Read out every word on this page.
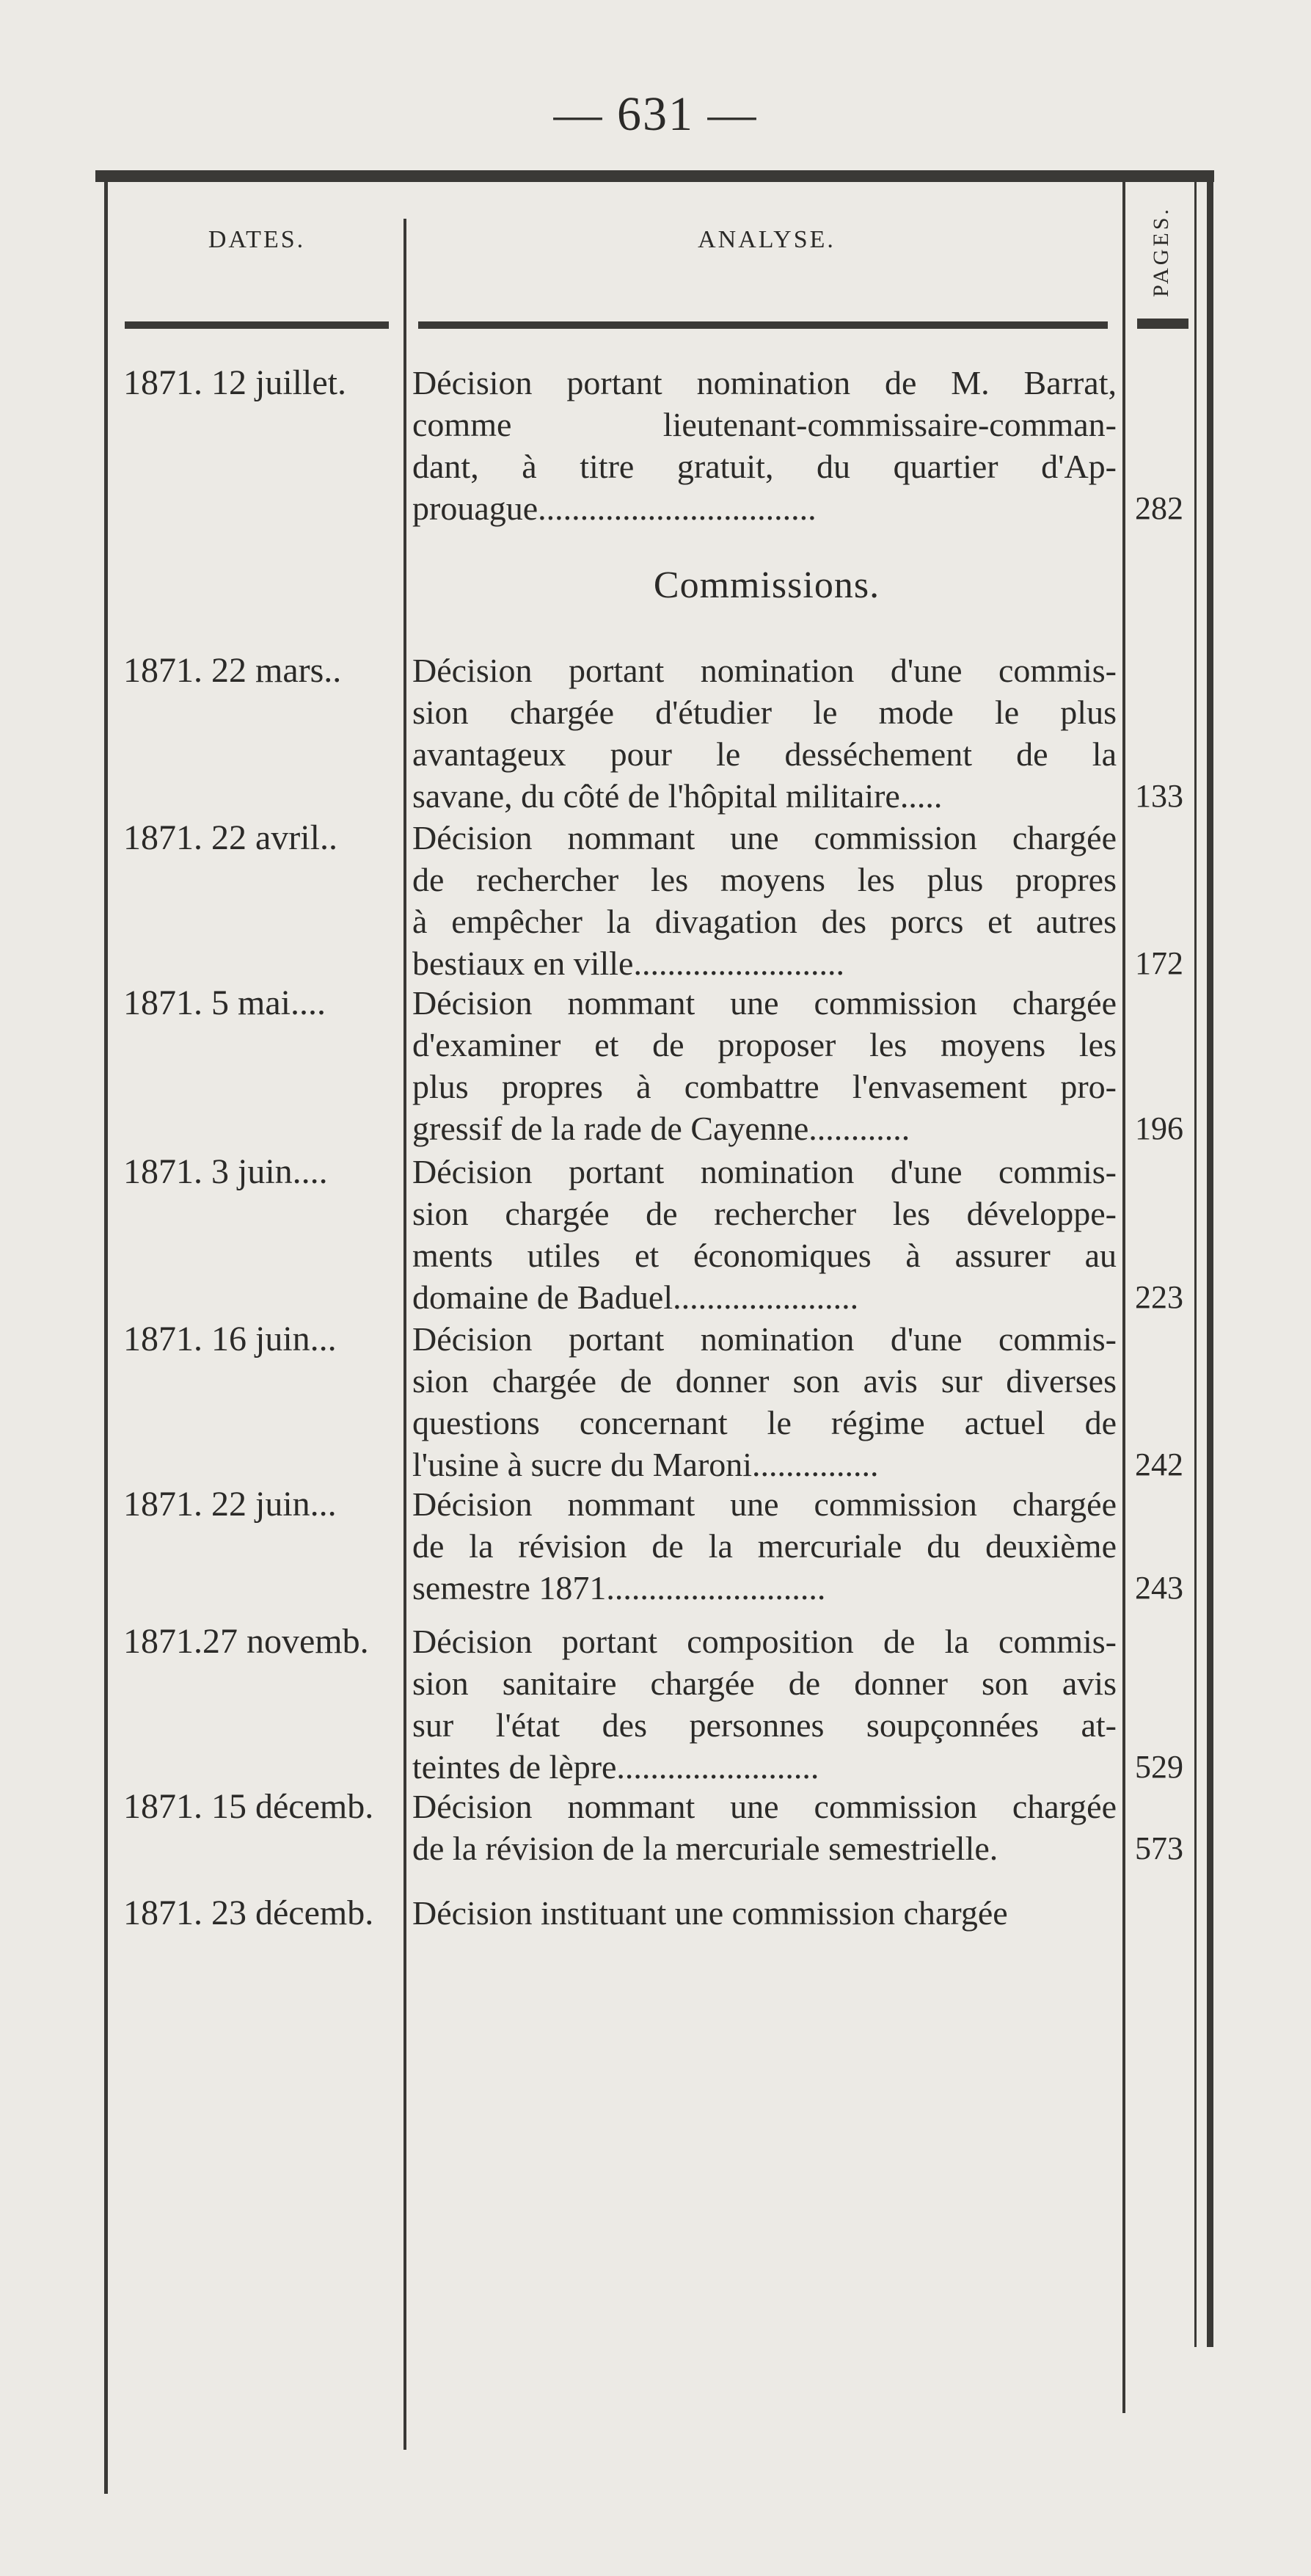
— 631 —
DATES.	ANALYSE.	PAGES.
Commissions.
1871. 12 juillet.	Décision portant nomination de M. Barrat,
comme lieutenant-commissaire-comman-
dant, à titre gratuit, du quartier d'Ap-
prouague.................................	282
1871. 22 mars..	Décision portant nomination d'une commis-
sion chargée d'étudier le mode le plus
avantageux pour le desséchement de la
savane, du côté de l'hôpital militaire.....	133
1871. 22 avril..	Décision nommant une commission chargée
de rechercher les moyens les plus propres
à empêcher la divagation des porcs et autres
bestiaux en ville.........................	172
1871. 5 mai....	Décision nommant une commission chargée
d'examiner et de proposer les moyens les
plus propres à combattre l'envasement pro-
gressif de la rade de Cayenne............	196
1871. 3 juin....	Décision portant nomination d'une commis-
sion chargée de rechercher les développe-
ments utiles et économiques à assurer au
domaine de Baduel......................	223
1871. 16 juin...	Décision portant nomination d'une commis-
sion chargée de donner son avis sur diverses
questions concernant le régime actuel de
l'usine à sucre du Maroni...............	242
1871. 22 juin...	Décision nommant une commission chargée
de la révision de la mercuriale du deuxième
semestre 1871..........................	243
1871.27 novemb.	Décision portant composition de la commis-
sion sanitaire chargée de donner son avis
sur l'état des personnes soupçonnées at-
teintes de lèpre........................	529
1871. 15 décemb.	Décision nommant une commission chargée
de la révision de la mercuriale semestrielle.	573
1871. 23 décemb.	Décision instituant une commission chargée
